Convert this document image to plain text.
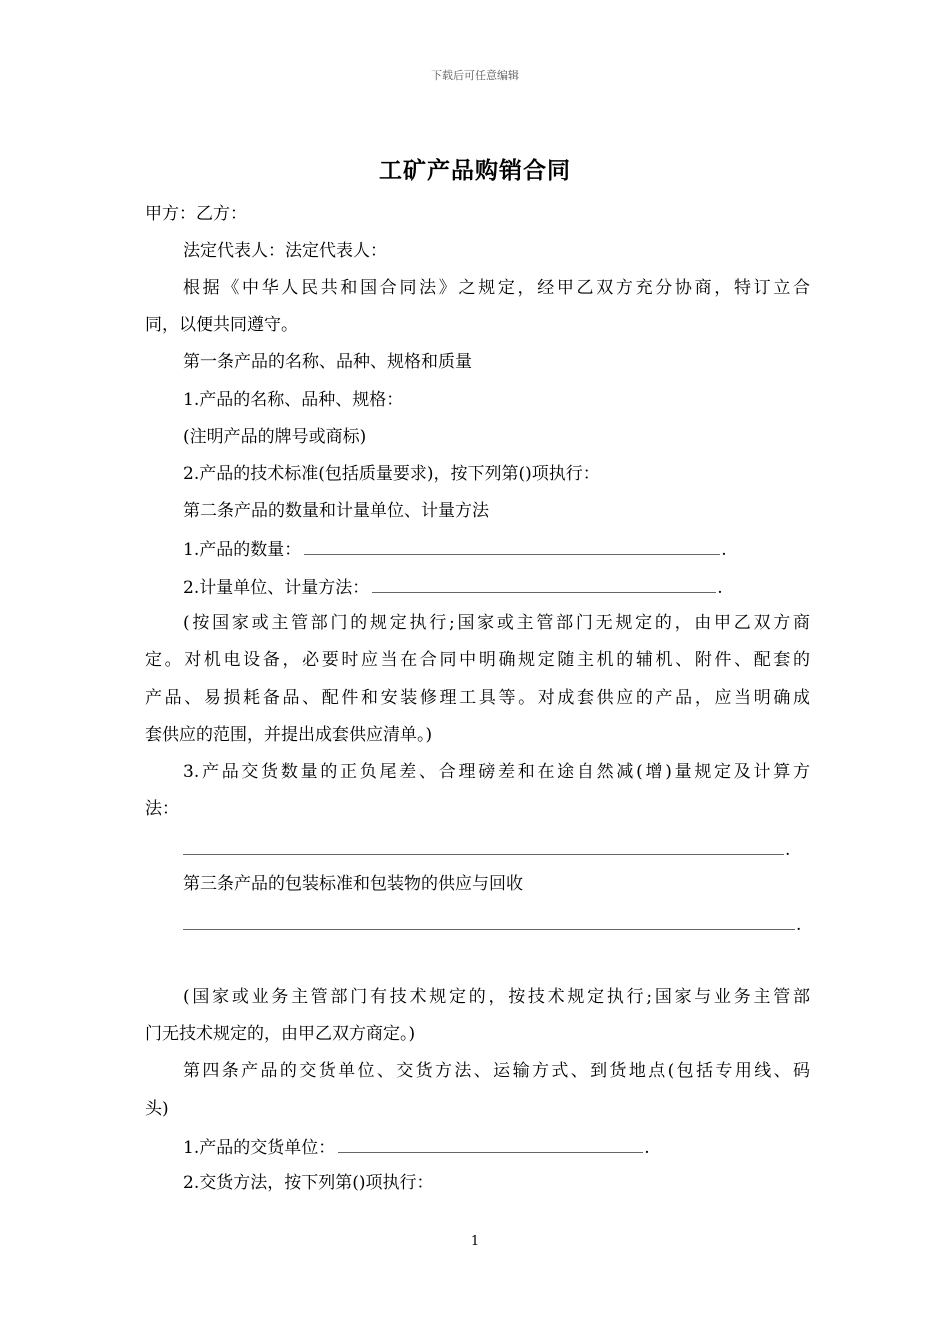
下载后可任意编辑
工矿产品购销合同
甲方：乙方：
法定代表人：法定代表人：
根据《中华人民共和国合同法》之规定，经甲乙双方充分协商，特订立合
同，以便共同遵守。
第一条产品的名称、品种、规格和质量
1.产品的名称、品种、规格：
(注明产品的牌号或商标)
2.产品的技术标准(包括质量要求)，按下列第()项执行：
第二条产品的数量和计量单位、计量方法
1.产品的数量：	.
2.计量单位、计量方法：	.
(按国家或主管部门的规定执行;国家或主管部门无规定的，由甲乙双方商
定。对机电设备，必要时应当在合同中明确规定随主机的辅机、附件、配套的
产品、易损耗备品、配件和安装修理工具等。对成套供应的产品，应当明确成
套供应的范围，并提出成套供应清单。)
3.产品交货数量的正负尾差、合理磅差和在途自然减(增)量规定及计算方
法：
.
第三条产品的包装标准和包装物的供应与回收
.
(国家或业务主管部门有技术规定的，按技术规定执行;国家与业务主管部
门无技术规定的，由甲乙双方商定。)
第四条产品的交货单位、交货方法、运输方式、到货地点(包括专用线、码
头)
1.产品的交货单位：	.
2.交货方法，按下列第()项执行：
1
